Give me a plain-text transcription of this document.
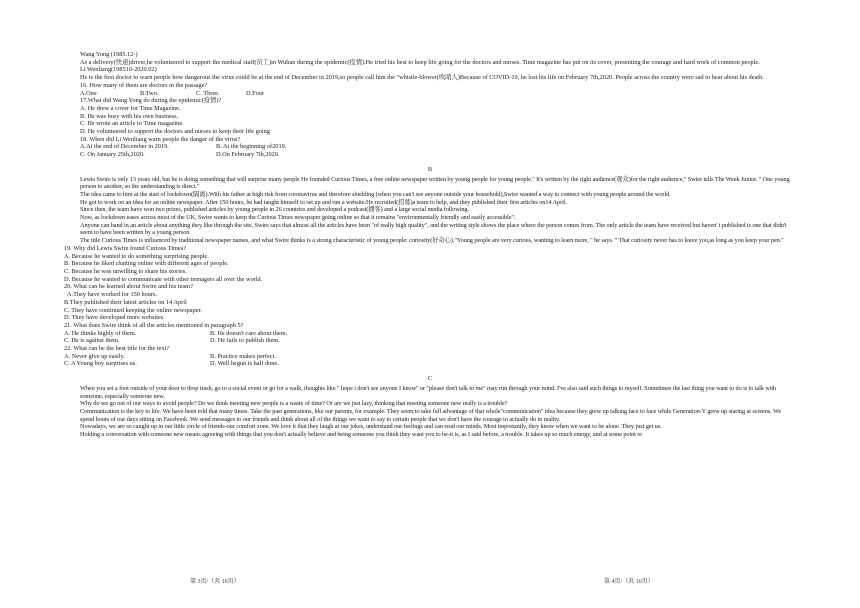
Wang Yong (1985.12-)

As a delivery(快递)driver,he volunteered to support the medical staff(员工)in Wuhan during the epidemic(疫情).He tried his best to keep life going for the doctors and nurses. Time magazine has put on its cover, presenting the courage and hard work of common people.

Li Wenliang(198510-2020.02)

He is the first doctor to warn people how dangerous the virus could be at the end of December in 2019,so people call him the "whistle-blower(吹哨人)Because of COVID-19, he lost his life on February 7th,2020. People across the country were sad to hear about his death.

16. How many of them are doctors in the passage?

A.One	B.Two.	C. Three.	D.Four

17.What did Wang Yong do during the epidemic(疫情)?

A. He drew a cover for Time Magazine.

B. He was busy with his own business.

C. He wrote an article to Time magazine.

D. He volunteered to support the doctors and nurses to keep their life going

18. When did Li Wenliang warn people the danger of the virus?

A.At the end of December in 2019.	B. At the beginning of2019.
C. On January 25th,2020.	D.On February 7th,2020.

B

Lewis Swire is only 13 years old, but he is doing something that will surprise many people He founded Curious Times, a free online newspaper written by young people for young people." It's written by the right audience(观众)for the right audience," Swire tells The Week Junior. " One young person to another, so the understanding is direct."

The idea came to him at the start of lockdown(隔离).With his father at high risk from coronavirus and therefore shielding (when you can't see anyone outside your household),Swire wanted a way to connect with young people around the world.

He got to work on an idea for an online newspaper. After 150 hours, he had taught himself to set up and run a website.He recruited(招募)a team to help, and they published their first articles on14 April.

Since then, the team have won two prizes, published articles by young people in 26 countries and developed a podcast(播客) and a large social media following.

Now, as lockdown eases across most of the UK, Swire wants to keep the Curious Times newspaper going online so that it remains "environmentally friendly and easily accessible".

Anyone can hand in an article about anything they like through the site, Swire says that almost all the articles have been "of really high quality", and the writing style shows the place where the person comes from. The only article the team have received but haven' t published is one that didn't seem to have been written by a young person

The title Curious Times is influenced by traditional newspaper names, and what Swire thinks is a strong characteristic of young people: curiosity(好奇心)."Young people are very curious, wanting to learn more, " he says. " That curiosity never has to leave you,as long as you keep your pen."

19. Why did Lewis Swire found Curious Times?

A. Because he wanted to do something surprising people.

B. Because he liked chatting online with different ages of people.

C. Because he was unwilling to share his stories.

D. Because he wanted to communicate with other teenagers all over the world.

20. What can be learned about Swire and his team?

A.They have worked for 150 hours.

B.They published their latest articles on 14 April

C. They have continued keeping the online newspaper.

D. They have developed more websites.

21. What does Swire think of all the articles mentioned in paragraph 5?

A. He thinks highly of them.	B. He doesn't care about them.
C. He is against them.	D. He fails to publish them.

22. What can be the best title for the text?

A. Never give up easily.	B. Practice makes perfect.
C. A Young boy surprises us.	D. Well begun is half done.

C

When you set a foot outside of your door to drop trash, go to a social event or go for a walk, thoughts like " hope i don't see anyone I know" or "please don't talk to me" may run through your mind. I've also said such things to myself. Sometimes the last thing you want to do is to talk with someone, especially someone new.

Why do we go out of our ways to avoid people? Do we think meeting new people is a waste of time? Or are we just lazy, thinking that meeting someone new really is a trouble?

Communication is the key to life. We have been told that many times. Take the past generations, like our parents, for example. They seem to take full advantage of that whole"communication" idea because they grew up talking face to face while Generation-Y grew up staring at screens. We spend hours of our days sitting on Facebook. We send messages to our friends and think about all of the things we want to say to certain people that we don't have the courage to actually do in reality.

Nowadays, we are so caught up in our little circle of friends-our comfort zone. We love it that they laugh at our jokes, understand our feelings and can read our minds. Most importantly, they know when we want to be alone. They just get us.

Holding a conversation with someone new means agreeing with things that you don't actually believe and being someone you think they want you to be-it is, as I said before, a trouble. It takes up so much energy, and at some point or

第 3页/（共 16页）	第 4页/（共 16页）
